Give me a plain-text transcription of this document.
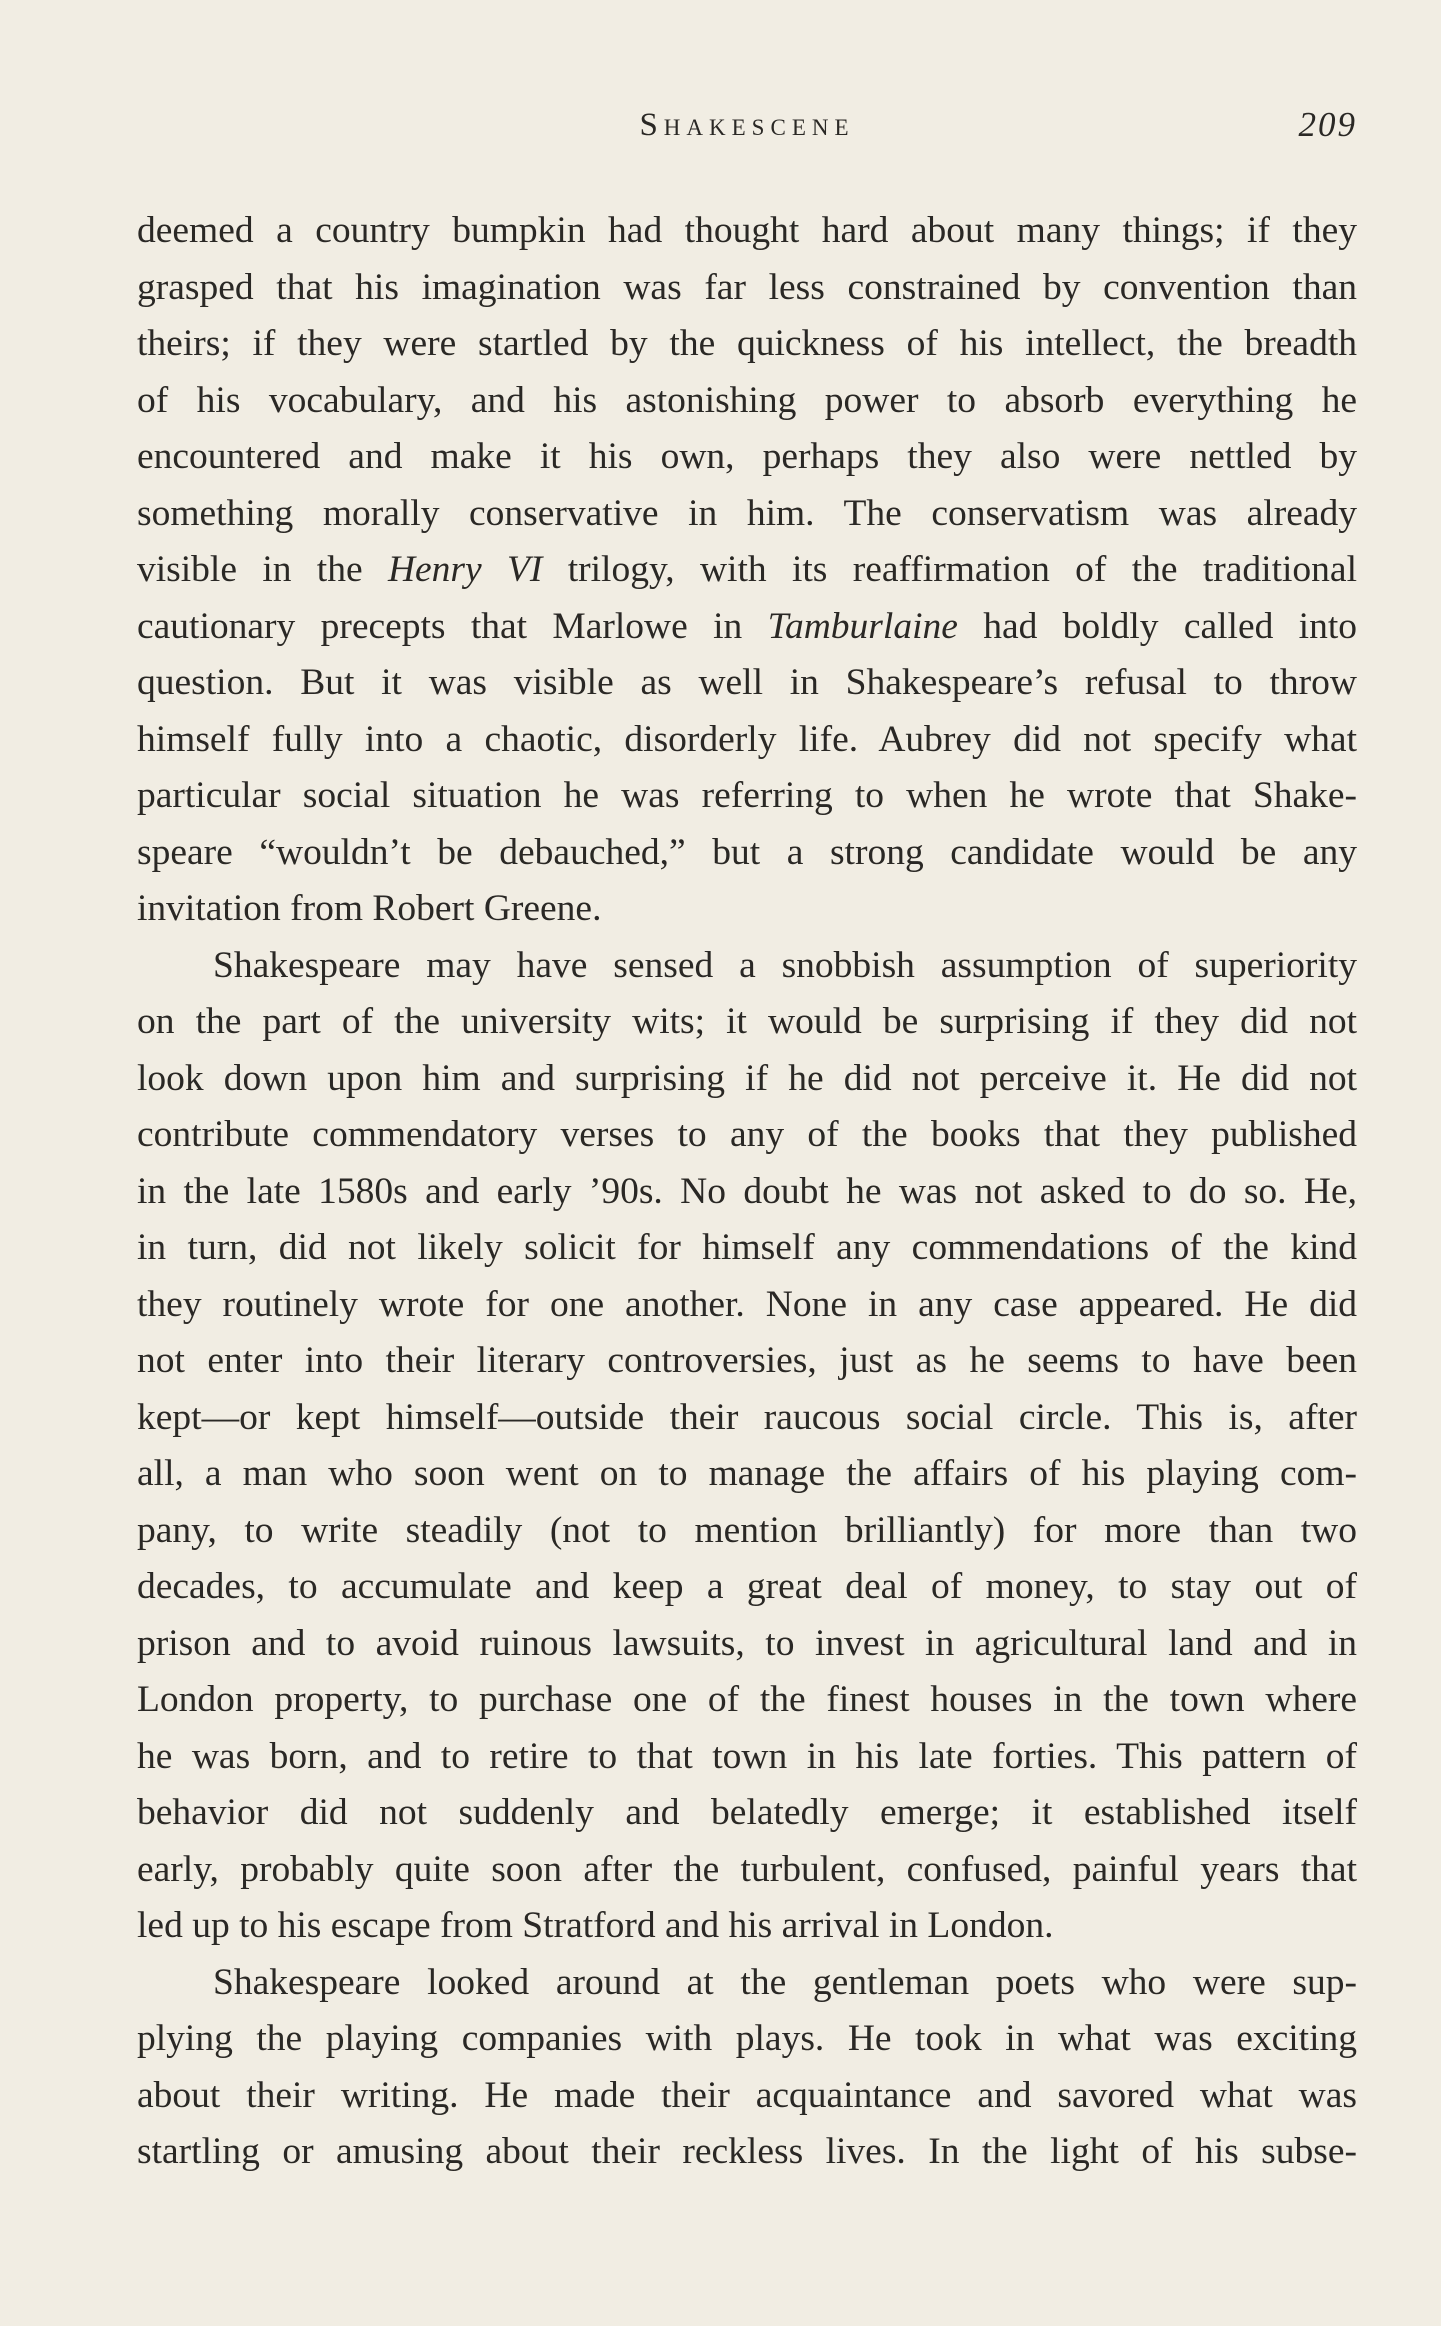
Shakescene	209
deemed a country bumpkin had thought hard about many things; if they
grasped that his imagination was far less constrained by convention than
theirs; if they were startled by the quickness of his intellect, the breadth
of his vocabulary, and his astonishing power to absorb everything he
encountered and make it his own, perhaps they also were nettled by
something morally conservative in him. The conservatism was already
visible in the Henry VI trilogy, with its reaffirmation of the traditional
cautionary precepts that Marlowe in Tamburlaine had boldly called into
question. But it was visible as well in Shakespeare’s refusal to throw
himself fully into a chaotic, disorderly life. Aubrey did not specify what
particular social situation he was referring to when he wrote that Shake-
speare “wouldn’t be debauched,” but a strong candidate would be any
invitation from Robert Greene.
Shakespeare may have sensed a snobbish assumption of superiority
on the part of the university wits; it would be surprising if they did not
look down upon him and surprising if he did not perceive it. He did not
contribute commendatory verses to any of the books that they published
in the late 1580s and early ’90s. No doubt he was not asked to do so. He,
in turn, did not likely solicit for himself any commendations of the kind
they routinely wrote for one another. None in any case appeared. He did
not enter into their literary controversies, just as he seems to have been
kept—or kept himself—outside their raucous social circle. This is, after
all, a man who soon went on to manage the affairs of his playing com-
pany, to write steadily (not to mention brilliantly) for more than two
decades, to accumulate and keep a great deal of money, to stay out of
prison and to avoid ruinous lawsuits, to invest in agricultural land and in
London property, to purchase one of the finest houses in the town where
he was born, and to retire to that town in his late forties. This pattern of
behavior did not suddenly and belatedly emerge; it established itself
early, probably quite soon after the turbulent, confused, painful years that
led up to his escape from Stratford and his arrival in London.
Shakespeare looked around at the gentleman poets who were sup-
plying the playing companies with plays. He took in what was exciting
about their writing. He made their acquaintance and savored what was
startling or amusing about their reckless lives. In the light of his subse-
